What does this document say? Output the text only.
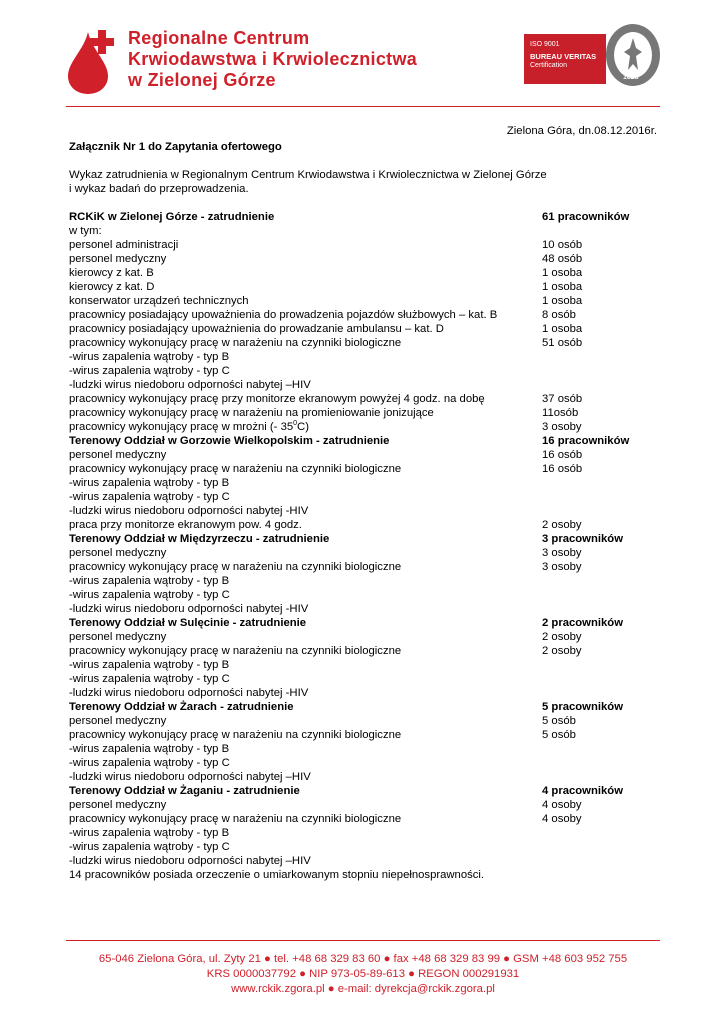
Regionalne Centrum
Krwiodawstwa i Krwiolecznictwa
w Zielonej Górze
ISO 9001
BUREAU VERITAS
Certification
1828
Zielona Góra, dn.08.12.2016r.
Załącznik Nr 1 do Zapytania ofertowego
Wykaz zatrudnienia w Regionalnym Centrum Krwiodawstwa i Krwiolecznictwa w Zielonej Górze
i wykaz badań do przeprowadzenia.
RCKiK w Zielonej Górze - zatrudnienie	61 pracowników
w tym:
personel administracji	10 osób
personel medyczny	48 osób
kierowcy z kat. B	1 osoba
kierowcy z kat. D	1 osoba
konserwator urządzeń technicznych	1 osoba
pracownicy posiadający upoważnienia do prowadzenia pojazdów służbowych – kat. B	8 osób
pracownicy posiadający upoważnienia do prowadzanie ambulansu – kat. D	1 osoba
pracownicy wykonujący pracę w narażeniu na czynniki biologiczne	51 osób
-wirus zapalenia wątroby - typ B
-wirus zapalenia wątroby - typ C
-ludzki wirus niedoboru odporności nabytej –HIV
pracownicy wykonujący pracę przy monitorze ekranowym powyżej 4 godz. na dobę	37 osób
pracownicy wykonujący pracę w narażeniu na promieniowanie jonizujące	11osób
pracownicy wykonujący pracę w mrożni (- $35^0C$)	3 osoby
Terenowy Oddział w Gorzowie Wielkopolskim - zatrudnienie	16 pracowników
personel medyczny	16 osób
pracownicy wykonujący pracę w narażeniu na czynniki biologiczne	16 osób
-wirus zapalenia wątroby - typ B
-wirus zapalenia wątroby - typ C
-ludzki wirus niedoboru odporności nabytej -HIV
praca przy monitorze ekranowym pow. 4 godz.	2 osoby
Terenowy Oddział w Międzyrzeczu - zatrudnienie	3 pracowników
personel medyczny	3 osoby
pracownicy wykonujący pracę w narażeniu na czynniki biologiczne	3 osoby
-wirus zapalenia wątroby - typ B
-wirus zapalenia wątroby - typ C
-ludzki wirus niedoboru odporności nabytej -HIV
Terenowy Oddział w Sulęcinie - zatrudnienie	2 pracowników
personel medyczny	2 osoby
pracownicy wykonujący pracę w narażeniu na czynniki biologiczne	2 osoby
-wirus zapalenia wątroby - typ B
-wirus zapalenia wątroby - typ C
-ludzki wirus niedoboru odporności nabytej -HIV
Terenowy Oddział w Żarach - zatrudnienie	5 pracowników
personel medyczny	5 osób
pracownicy wykonujący pracę w narażeniu na czynniki biologiczne	5 osób
-wirus zapalenia wątroby - typ B
-wirus zapalenia wątroby - typ C
-ludzki wirus niedoboru odporności nabytej –HIV
Terenowy Oddział w Żaganiu - zatrudnienie	4 pracowników
personel medyczny	4 osoby
pracownicy wykonujący pracę w narażeniu na czynniki biologiczne	4 osoby
-wirus zapalenia wątroby - typ B
-wirus zapalenia wątroby - typ C
-ludzki wirus niedoboru odporności nabytej –HIV
14 pracowników posiada orzeczenie o umiarkowanym stopniu niepełnosprawności.
65-046 Zielona Góra, ul. Zyty 21 ● tel. +48 68 329 83 60 ● fax +48 68 329 83 99 ● GSM +48 603 952 755
KRS 0000037792 ● NIP 973-05-89-613 ● REGON 000291931
www.rckik.zgora.pl ● e-mail: dyrekcja@rckik.zgora.pl
